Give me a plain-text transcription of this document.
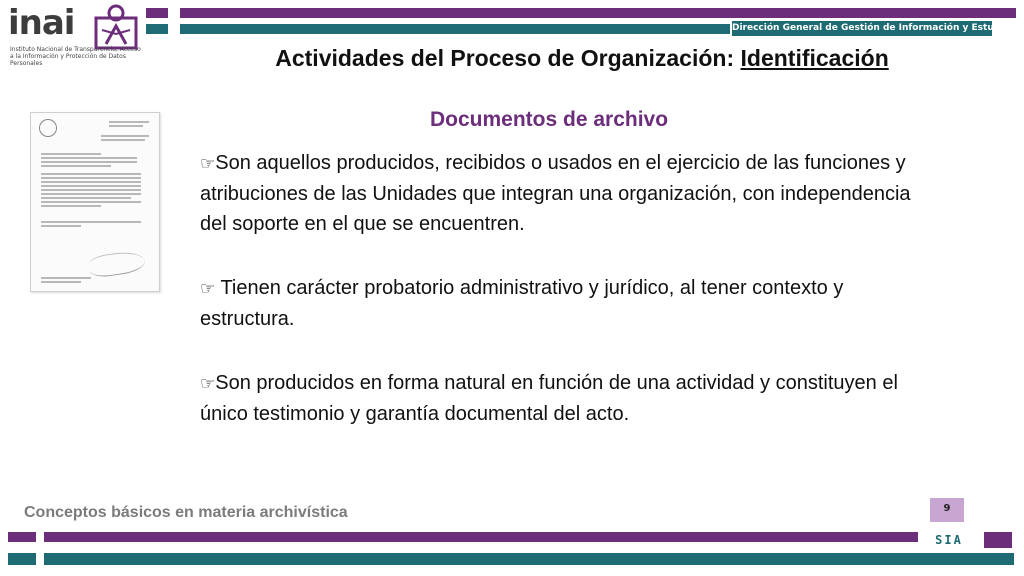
inai
Instituto Nacional de Transparencia, Acceso a la Información y Protección de Datos Personales
Dirección General de Gestión de Información y Estudios
Actividades del Proceso de Organización: Identificación
Documentos de archivo

☞Son aquellos producidos, recibidos o usados en el ejercicio de las funciones y atribuciones de las Unidades que integran una organización, con independencia del soporte en el que se encuentren.

☞ Tienen carácter probatorio administrativo y jurídico, al tener contexto y estructura.

☞Son producidos en forma natural en función de una actividad y constituyen el único testimonio y garantía documental del acto.

Conceptos básicos en materia archivística	9
SIA
